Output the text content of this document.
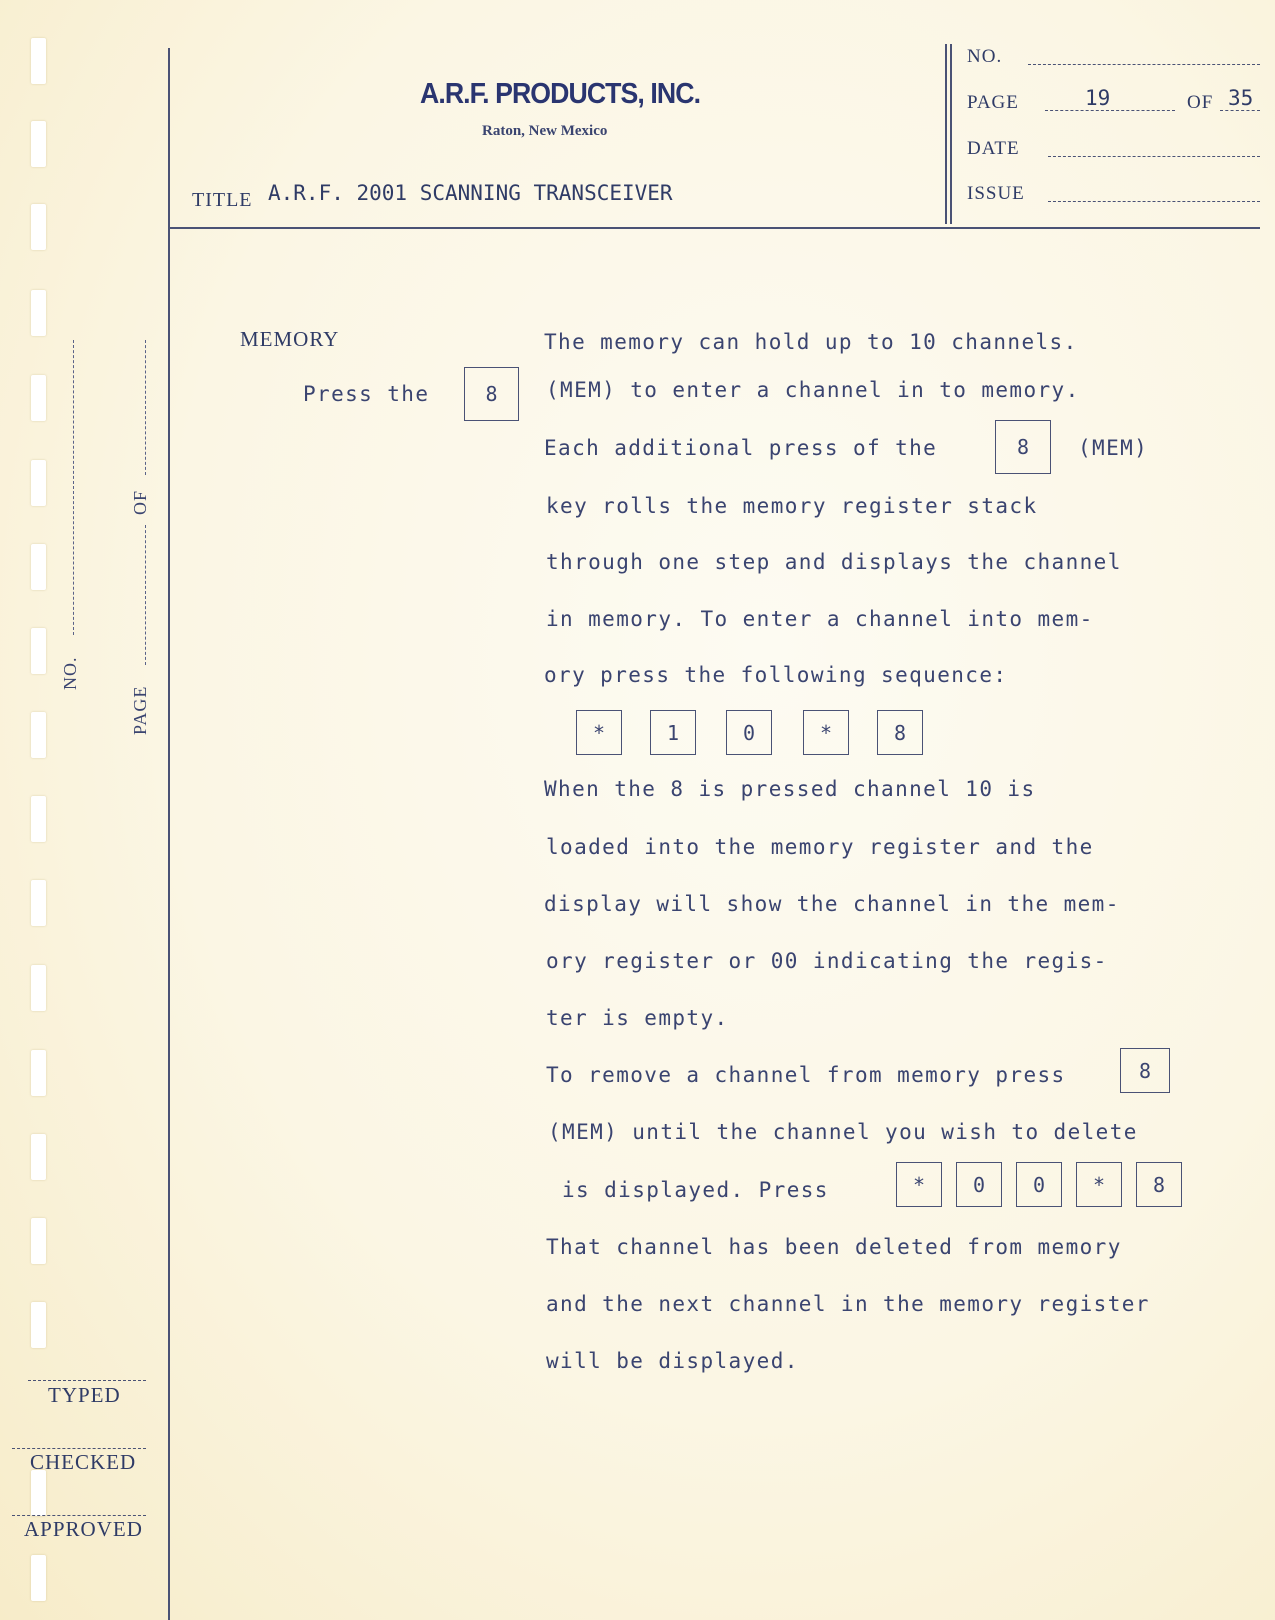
NO.
OF
PAGE
A.R.F. PRODUCTS, INC.
Raton, New Mexico
TITLE A.R.F. 2001 SCANNING TRANSCEIVER
NO.
PAGE	19	OF 35
DATE
ISSUE
MEMORY
Press the	8
The memory can hold up to 10 channels.
(MEM) to enter a channel in to memory.
Each additional press of the	8	(MEM)
key rolls the memory register stack
through one step and displays the channel
in memory. To enter a channel into mem-
ory press the following sequence:
*	1	0	*	8
When the 8 is pressed channel 10 is
loaded into the memory register and the
display will show the channel in the mem-
ory register or 00 indicating the regis-
ter is empty.
To remove a channel from memory press	8
(MEM) until the channel you wish to delete
is displayed. Press	*	0	0	*	8
That channel has been deleted from memory
and the next channel in the memory register
will be displayed.
TYPED
CHECKED
APPROVED
